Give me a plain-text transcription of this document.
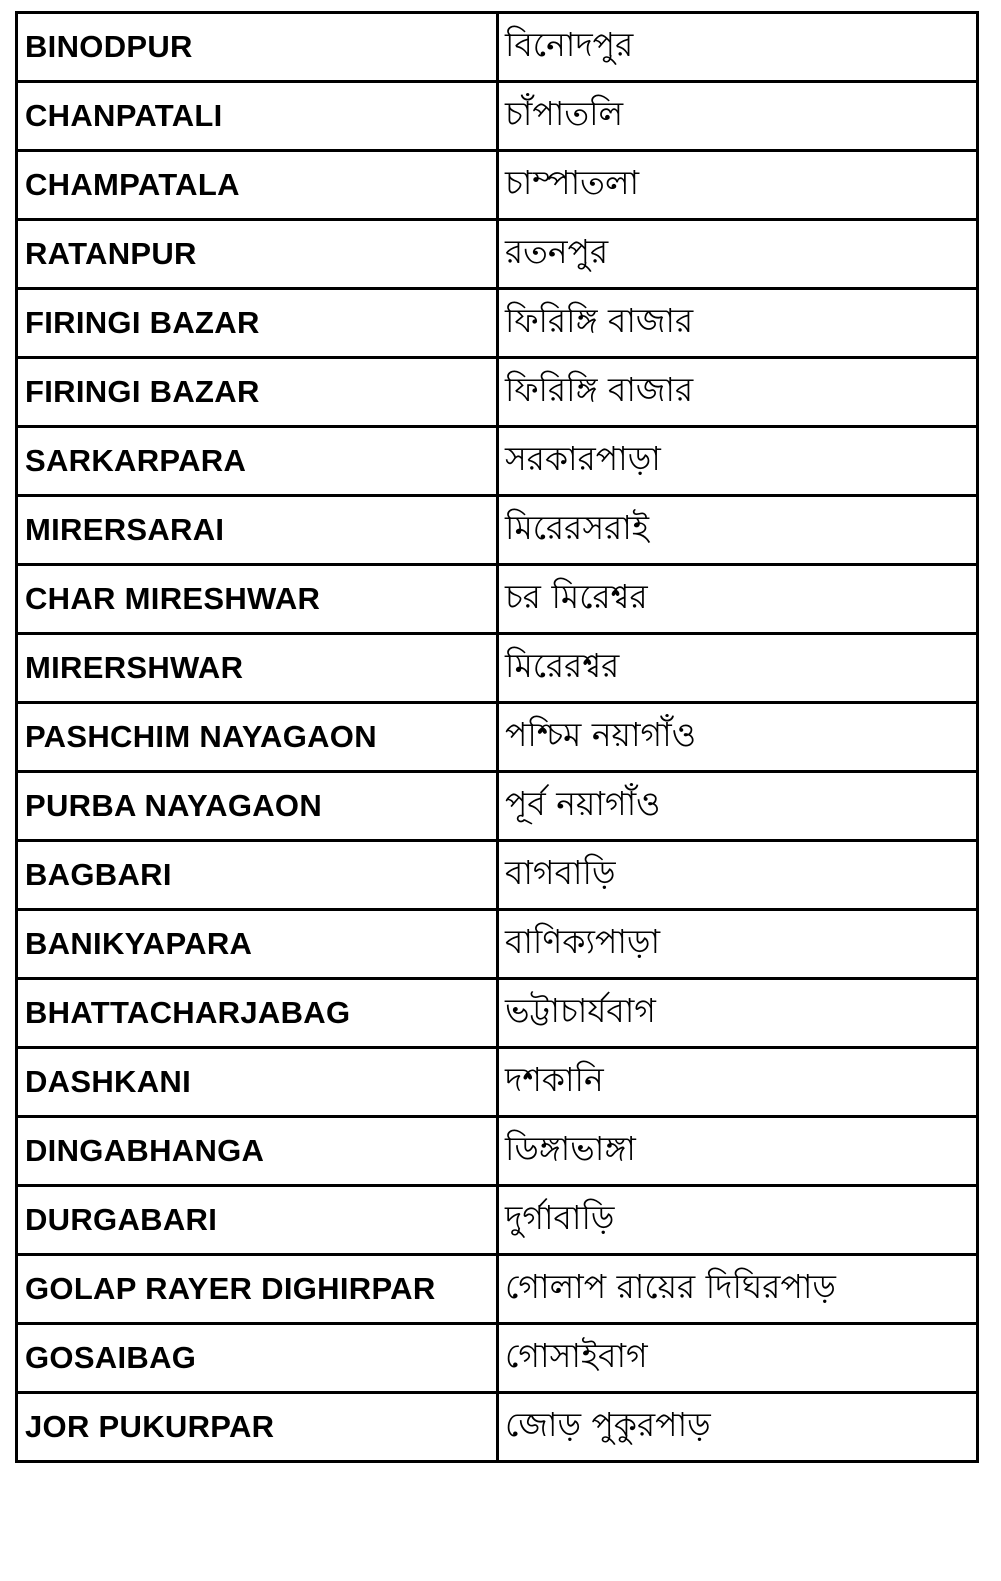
BINODPUR	বিনোদপুর
CHANPATALI	চাঁপাতলি
CHAMPATALA	চাম্পাতলা
RATANPUR	রতনপুর
FIRINGI BAZAR	ফিরিঙ্গি বাজার
FIRINGI BAZAR	ফিরিঙ্গি বাজার
SARKARPARA	সরকারপাড়া
MIRERSARAI	মিরেরসরাই
CHAR MIRESHWAR	চর মিরেশ্বর
MIRERSHWAR	মিরেরশ্বর
PASHCHIM NAYAGAON	পশ্চিম নয়াগাঁও
PURBA NAYAGAON	পূর্ব নয়াগাঁও
BAGBARI	বাগবাড়ি
BANIKYAPARA	বাণিক্যপাড়া
BHATTACHARJABAG	ভট্টাচার্যবাগ
DASHKANI	দশকানি
DINGABHANGA	ডিঙ্গাভাঙ্গা
DURGABARI	দুর্গাবাড়ি
GOLAP RAYER DIGHIRPAR	গোলাপ রায়ের দিঘিরপাড়
GOSAIBAG	গোসাইবাগ
JOR PUKURPAR	জোড় পুকুরপাড়
